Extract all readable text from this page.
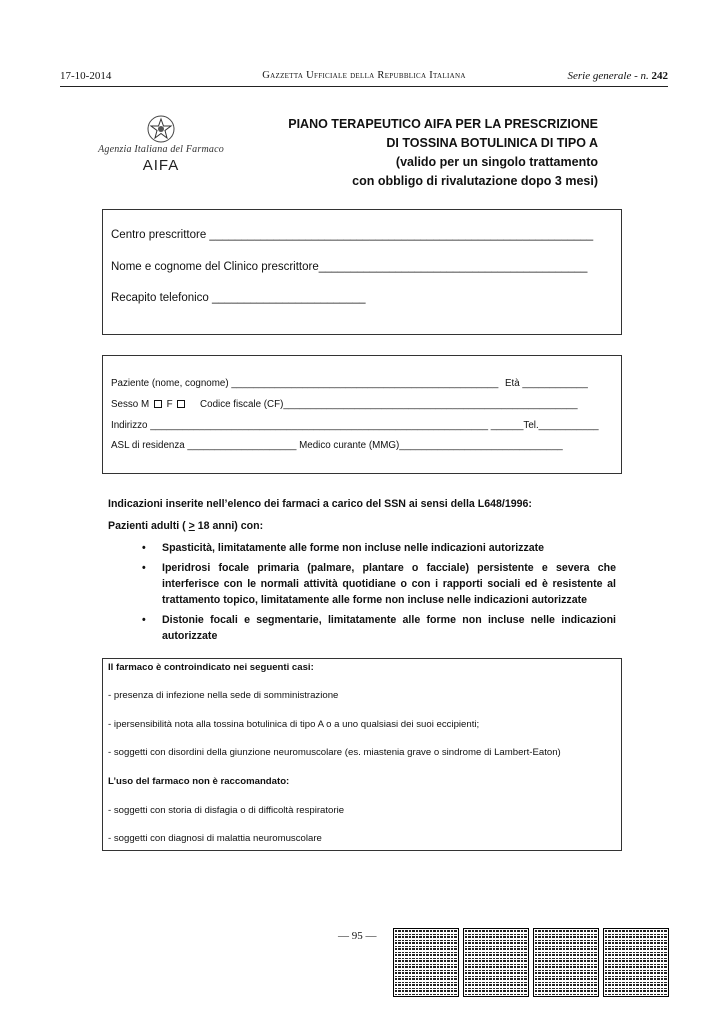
17-10-2014	Gazzetta Ufficiale della Repubblica Italiana	Serie generale - n. 242
Agenzia Italiana del Farmaco
AIFA
PIANO TERAPEUTICO AIFA PER LA PRESCRIZIONE
DI TOSSINA BOTULINICA DI TIPO A
(valido per un singolo trattamento
con obbligo di rivalutazione dopo 3 mesi)
Centro prescrittore ____________________________________________________________
Nome e cognome del Clinico prescrittore__________________________________________
Recapito telefonico ________________________
Paziente (nome, cognome) _________________________________________________ Età ____________
Sesso M F	Codice fiscale (CF)______________________________________________________
Indirizzo ______________________________________________________________ ______Tel.___________
ASL di residenza ____________________ Medico curante (MMG)______________________________
Indicazioni inserite nell’elenco dei farmaci a carico del SSN ai sensi della L648/1996:
Pazienti adulti ( > 18 anni) con:
• Spasticità, limitatamente alle forme non incluse nelle indicazioni autorizzate
• Iperidrosi focale primaria (palmare, plantare o facciale) persistente e severa che interferisce con le normali attività quotidiane o con i rapporti sociali ed è resistente al trattamento topico, limitatamente alle forme non incluse nelle indicazioni autorizzate
• Distonie focali e segmentarie, limitatamente alle forme non incluse nelle indicazioni autorizzate
Il farmaco è controindicato nei seguenti casi:
- presenza di infezione nella sede di somministrazione
- ipersensibilità nota alla tossina botulinica di tipo A o a uno qualsiasi dei suoi eccipienti;
- soggetti con disordini della giunzione neuromuscolare (es. miastenia grave o sindrome di Lambert-Eaton)
L’uso del farmaco non è raccomandato:
- soggetti con storia di disfagia o di difficoltà respiratorie
- soggetti con diagnosi di malattia neuromuscolare
— 95 —
